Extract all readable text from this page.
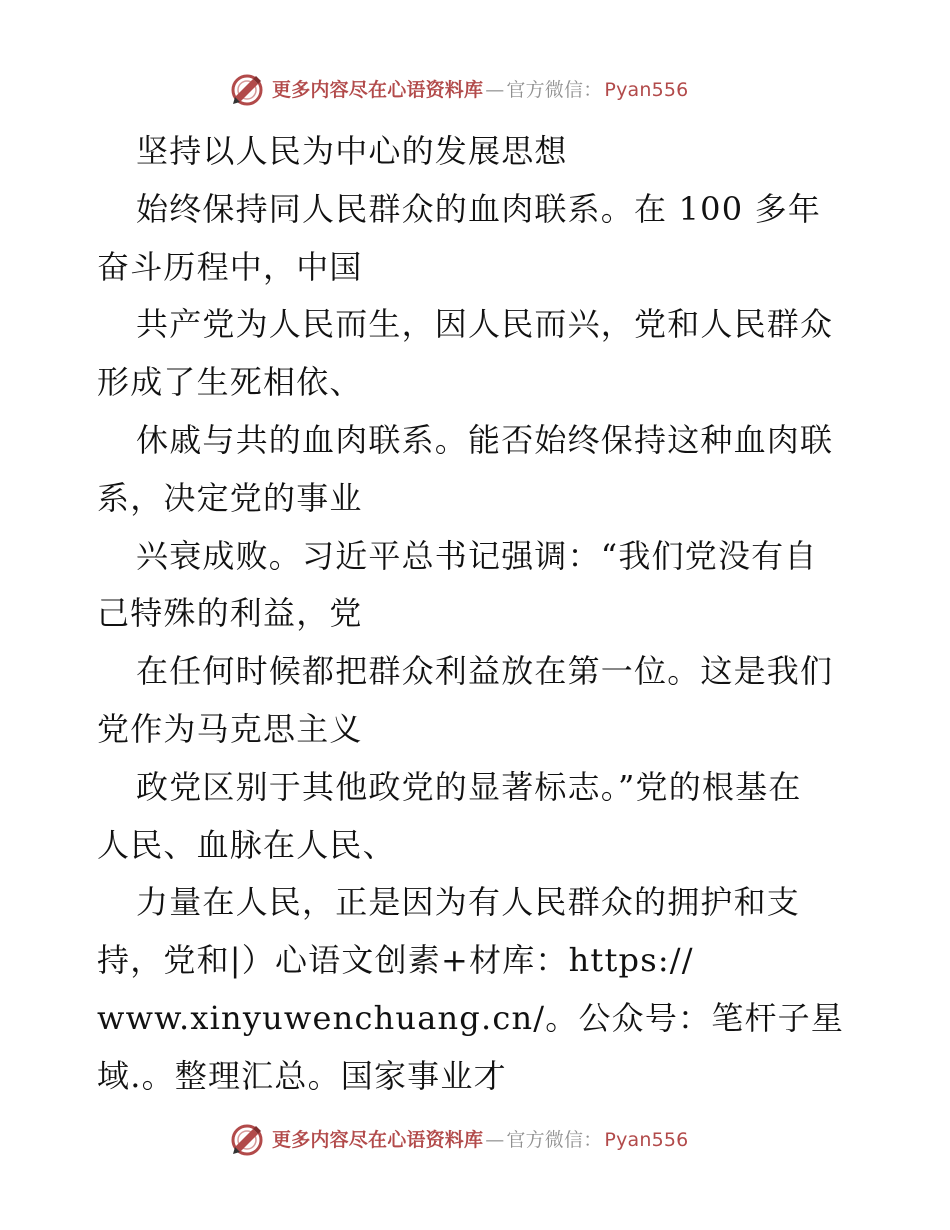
更多内容尽在心语资料库 — 官方微信： Pyan556
坚持以人民为中心的发展思想
始终保持同人民群众的血肉联系。在 100 多年
奋斗历程中，中国
共产党为人民而生，因人民而兴，党和人民群众
形成了生死相依、
休戚与共的血肉联系。能否始终保持这种血肉联
系，决定党的事业
兴衰成败。习近平总书记强调：“我们党没有自
己特殊的利益，党
在任何时候都把群众利益放在第一位。这是我们
党作为马克思主义
政党区别于其他政党的显著标志。”党的根基在
人民、血脉在人民、
力量在人民，正是因为有人民群众的拥护和支
持，党和|）心语文创素+材库：https://
www.xinyuwenchuang.cn/。公众号：笔杆子星
域.。整理汇总。国家事业才
更多内容尽在心语资料库 — 官方微信： Pyan556
